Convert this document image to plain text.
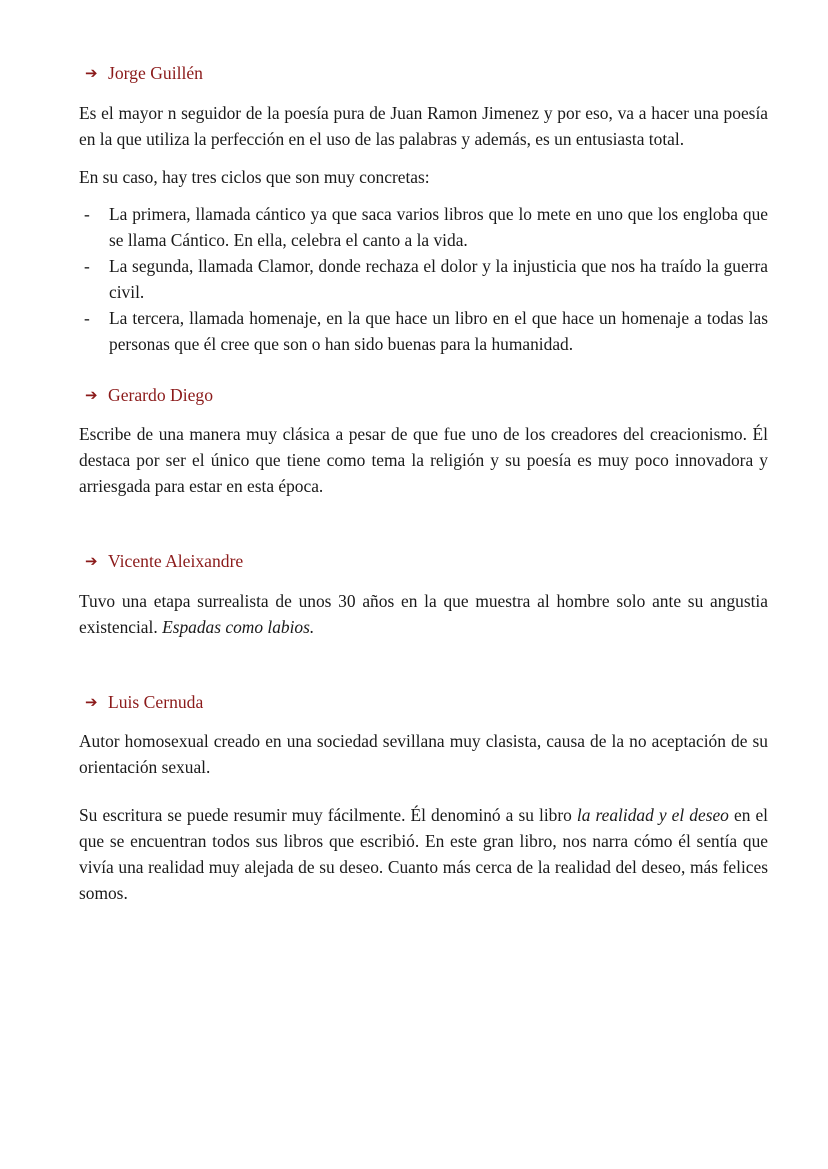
➔ Jorge Guillén

Es el mayor n seguidor de la poesía pura de Juan Ramon Jimenez y por eso, va a hacer una poesía en la que utiliza la perfección en el uso de las palabras y además, es un entusiasta total.

En su caso, hay tres ciclos que son muy concretas:

- La primera, llamada cántico ya que saca varios libros que lo mete en uno que los engloba que se llama Cántico. En ella, celebra el canto a la vida.
- La segunda, llamada Clamor, donde rechaza el dolor y la injusticia que nos ha traído la guerra civil.
- La tercera, llamada homenaje, en la que hace un libro en el que hace un homenaje a todas las personas que él cree que son o han sido buenas para la humanidad.
➔ Gerardo Diego

Escribe de una manera muy clásica a pesar de que fue uno de los creadores del creacionismo. Él destaca por ser el único que tiene como tema la religión y su poesía es muy poco innovadora y arriesgada para estar en esta época.

➔ Vicente Aleixandre

Tuvo una etapa surrealista de unos 30 años en la que muestra al hombre solo ante su angustia existencial. Espadas como labios.

➔ Luis Cernuda

Autor homosexual creado en una sociedad sevillana muy clasista, causa de la no aceptación de su orientación sexual.

Su escritura se puede resumir muy fácilmente. Él denominó a su libro la realidad y el deseo en el que se encuentran todos sus libros que escribió. En este gran libro, nos narra cómo él sentía que vivía una realidad muy alejada de su deseo. Cuanto más cerca de la realidad del deseo, más felices somos.
